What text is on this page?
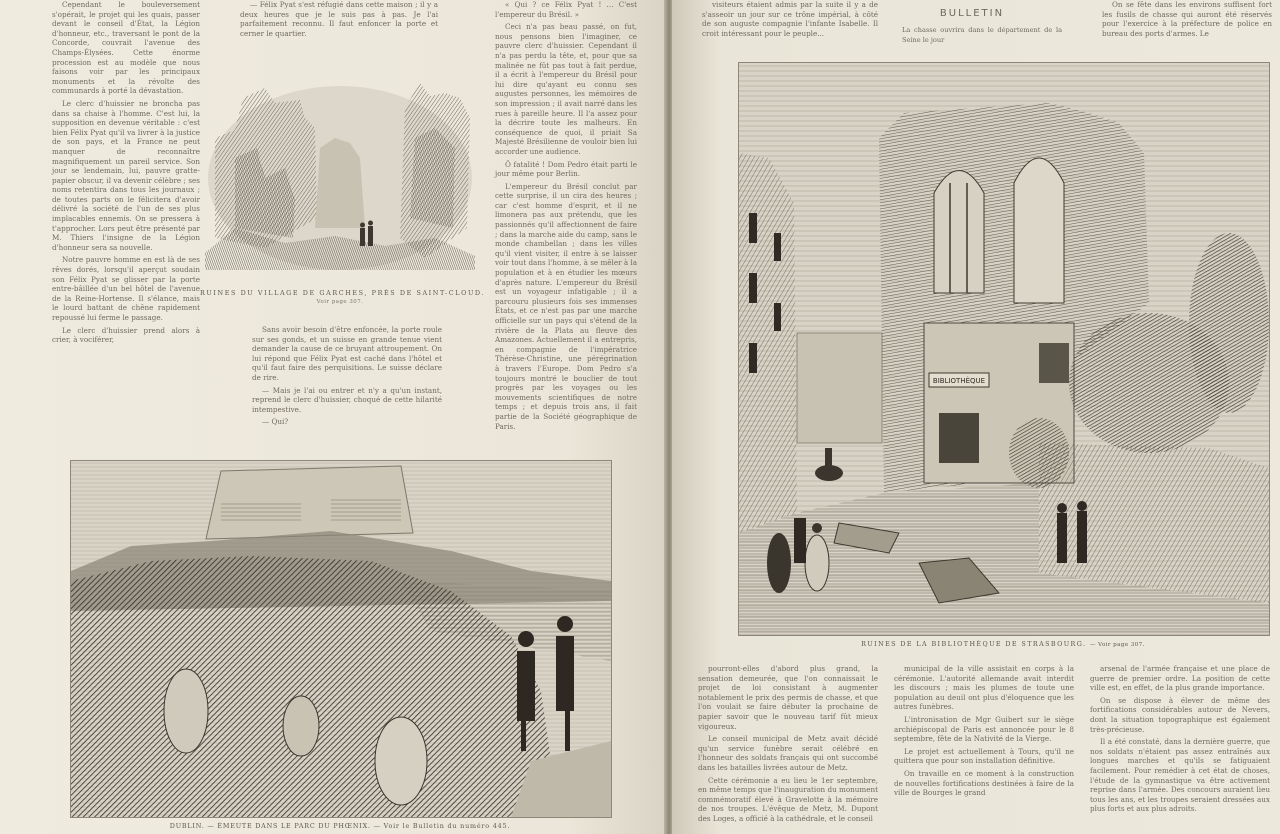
Cependant le bouleversement s'opérait, le projet qui les quais, passer devant le conseil d'État, la Légion d'honneur, etc., traversant le pont de la Concorde, couvrait l'avenue des Champs-Élysées. Cette énorme procession est au modèle que nous faisons voir par les principaux monuments et la révolte des communards à porté la dévastation.

Le clerc d'huissier ne broncha pas dans sa chaise à l'homme. C'est lui, la supposition en devenue véritable : c'est bien Félix Pyat qu'il va livrer à la justice de son pays, et la France ne peut manquer de reconnaître magnifiquement un pareil service. Son jour se lendemain, lui, pauvre gratte-papier obscur, il va devenir célèbre ; ses noms retentira dans tous les journaux ; de toutes parts on le félicitera d'avoir délivré la société de l'un de ses plus implacables ennemis. On se pressera à t'approcher. Lors peut être présenté par M. Thiers l'insigne de la Légion d'honneur sera sa nouvelle.

Notre pauvre homme en est là de ses rêves dorés, lorsqu'il aperçut soudain son Félix Pyat se glisser par la porte entre-bâillée d'un bel hôtel de l'avenue de la Reine-Hortense. Il s'élance, mais le lourd battant de chêne rapidement repoussé lui ferme le passage.

Le clerc d'huissier prend alors à crier, à vociférer,

RUINES DU VILLAGE DE GARCHES, PRÈS DE SAINT-CLOUD.
Voir page 307.

— Félix Pyat s'est réfugié dans cette maison ; il y a deux heures que je le suis pas à pas. Je l'ai parfaitement reconnu. Il faut enfoncer la porte et cerner le quartier.

Sans avoir besoin d'être enfoncée, la porte roule sur ses gonds, et un suisse en grande tenue vient demander la cause de ce bruyant attroupement. On lui répond que Félix Pyat est caché dans l'hôtel et qu'il faut faire des perquisitions. Le suisse déclare de rire.

— Mais je l'ai ou entrer et n'y a qu'un instant, reprend le clerc d'huissier, choqué de cette hilarité intempestive.

— Qui?

« Qui ? ce Félix Pyat ! … C'est l'empereur du Brésil. »

Ceci n'a pas beau passé, on fut, nous pensons bien l'imaginer, ce pauvre clerc d'huissier. Cependant il n'a pas perdu la tête, et, pour que sa malinée ne fût pas tout à fait perdue, il a écrit à l'empereur du Brésil pour lui dire qu'ayant eu connu ses augustes personnes, les mémoires de son impression ; il avait narré dans les rues à pareille heure. Il l'a assez pour la décrire toute les malheurs. En conséquence de quoi, il priait Sa Majesté Brésilienne de vouloir bien lui accorder une audience.

Ô fatalité ! Dom Pedro était parti le jour même pour Berlin.

L'empereur du Brésil conclut par cette surprise, il un cira des heures ; car c'est homme d'esprit, et il ne limonera pas aux prétendu, que les passionnés qu'il affectionnent de faire ; dans la marche aide du camp, sans le monde chambellan ; dans les villes qu'il vient visiter, il entre à se laisser voir tout dans l'homme, à se mêler à la population et à en étudier les mœurs d'après nature. L'empereur du Brésil est un voyageur infatigable ; il a parcouru plusieurs fois ses immenses États, et ce n'est pas par une marche officielle sur un pays qui s'étend de la rivière de la Plata au fleuve des Amazones. Actuellement il a entrepris, en compagnie de l'impératrice Thérèse-Christine, une pérégrination à travers l'Europe. Dom Pedro s'a toujours montré le bouclier de tout progrès par les voyages ou les mouvements scientifiques de notre temps ; et depuis trois ans, il fait partie de la Société géographique de Paris.

DUBLIN. — ÉMEUTE DANS LE PARC DU PHŒNIX. — Voir le Bulletin du numéro 445.

visiteurs étaient admis par la suite il y a de s'asseoir un jour sur ce trône impérial, à côté de son auguste compagnie l'infante Isabelle. Il croit intéressant pour le peuple...

BULLETIN

La chasse ouvrira dans le département de la Seine le jour

On se fête dans les environs suffisent fort les fusils de chasse qui auront été réservés pour l'exercice à la préfecture de police en bureau des ports d'armes. Le

BIBLIOTHÈQUE
RUINES DE LA BIBLIOTHÈQUE DE STRASBOURG. — Voir page 307.

pourront-elles d'abord plus grand, la sensation demeurée, que l'on connaissait le projet de loi consistant à augmenter notablement le prix des permis de chasse, et que l'on voulait se faire débuter la prochaine de papier savoir que le nouveau tarif fût mieux vigoureux.

Le conseil municipal de Metz avait décidé qu'un service funèbre serait célébré en l'honneur des soldats français qui ont succombé dans les batailles livrées autour de Metz.

Cette cérémonie a eu lieu le 1er septembre, en même temps que l'inauguration du monument commémoratif élevé à Gravelotte à la mémoire de nos troupes. L'évêque de Metz, M. Dupont des Loges, a officié à la cathédrale, et le conseil

municipal de la ville assistait en corps à la cérémonie. L'autorité allemande avait interdit les discours ; mais les plumes de toute une population au deuil ont plus d'éloquence que les autres funèbres.

L'intronisation de Mgr Guibert sur le siège archiépiscopal de Paris est annoncée pour le 8 septembre, fête de la Nativité de la Vierge.

Le projet est actuellement à Tours, qu'il ne quittera que pour son installation définitive.

On travaille en ce moment à la construction de nouvelles fortifications destinées à faire de la ville de Bourges le grand

arsenal de l'armée française et une place de guerre de premier ordre. La position de cette ville est, en effet, de la plus grande importance.

On se dispose à élever de même des fortifications considérables autour de Nevers, dont la situation topographique est également très-précieuse.

Il a été constaté, dans la dernière guerre, que nos soldats n'étaient pas assez entraînés aux longues marches et qu'ils se fatiguaient facilement. Pour remédier à cet état de choses, l'étude de la gymnastique va être activement reprise dans l'armée. Des concours auraient lieu tous les ans, et les troupes seraient dressées aux plus forts et aux plus adroits.
